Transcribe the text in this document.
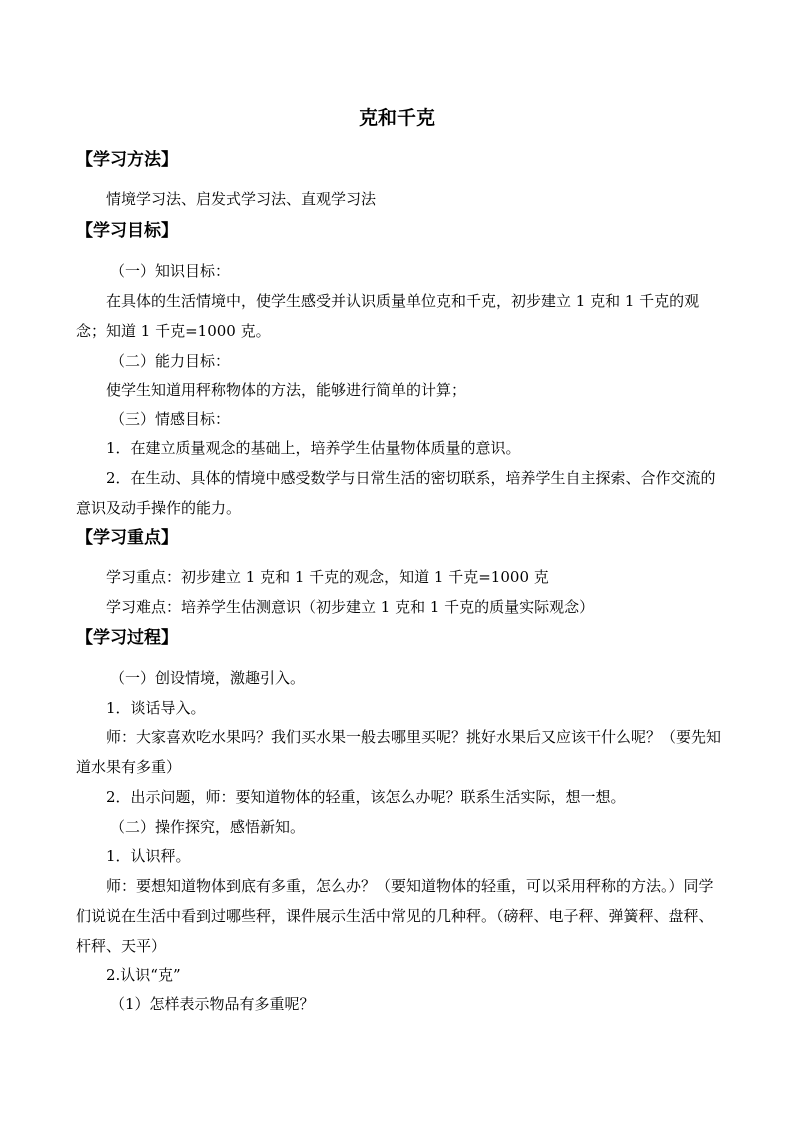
克和千克
【学习方法】
情境学习法、启发式学习法、直观学习法
【学习目标】
（一）知识目标：
在具体的生活情境中，使学生感受并认识质量单位克和千克，初步建立 1 克和 1 千克的观念；知道 1 千克=1000 克。
（二）能力目标：
使学生知道用秤称物体的方法，能够进行简单的计算；
（三）情感目标：
1．在建立质量观念的基础上，培养学生估量物体质量的意识。
2．在生动、具体的情境中感受数学与日常生活的密切联系，培养学生自主探索、合作交流的意识及动手操作的能力。
【学习重点】
学习重点：初步建立 1 克和 1 千克的观念，知道 1 千克=1000 克
学习难点：培养学生估测意识（初步建立 1 克和 1 千克的质量实际观念）
【学习过程】
（一）创设情境，激趣引入。
1．谈话导入。
师：大家喜欢吃水果吗？我们买水果一般去哪里买呢？挑好水果后又应该干什么呢？（要先知道水果有多重）
2．出示问题，师：要知道物体的轻重，该怎么办呢？联系生活实际，想一想。
（二）操作探究，感悟新知。
1．认识秤。
师：要想知道物体到底有多重，怎么办？（要知道物体的轻重，可以采用秤称的方法。）同学们说说在生活中看到过哪些秤，课件展示生活中常见的几种秤。（磅秤、电子秤、弹簧秤、盘秤、杆秤、天平）
2.认识“克”
（1）怎样表示物品有多重呢？
